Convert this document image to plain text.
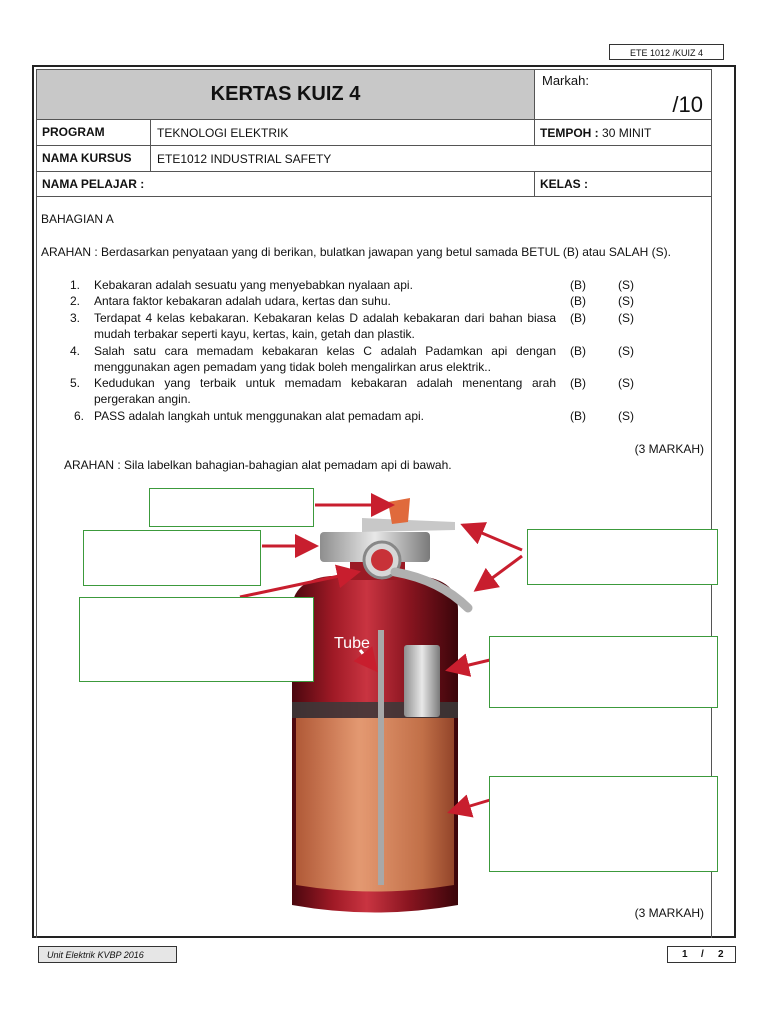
ETE 1012 /KUIZ 4
KERTAS KUIZ 4	Markah:
/10

PROGRAM TEKNOLOGI ELEKTRIK	TEMPOH : 30 MINIT

NAMA KURSUS ETE1012 INDUSTRIAL SAFETY	

NAMA PELAJAR :	KELAS :
BAHAGIAN A
ARAHAN : Berdasarkan penyataan yang di berikan, bulatkan jawapan yang betul samada BETUL (B) atau SALAH (S).
1.	Kebakaran adalah sesuatu yang menyebabkan nyalaan api.	(B)	(S)
2.	Antara faktor kebakaran adalah udara, kertas dan suhu.	(B)	(S)
3.	Terdapat 4 kelas kebakaran. Kebakaran kelas D adalah kebakaran dari bahan biasa mudah terbakar seperti kayu, kertas, kain, getah dan plastik.
(B)	(S)
4.	Salah satu cara memadam kebakaran kelas C adalah Padamkan api dengan menggunakan agen pemadam yang tidak boleh mengalirkan arus elektrik..
(B)	(S)
5.	Kedudukan yang terbaik untuk memadam kebakaran adalah menentang arah pergerakan angin.
(B)	(S)
6. PASS adalah langkah untuk menggunakan alat pemadam api.	(B)	(S)
(3 MARKAH)
ARAHAN : Sila labelkan bahagian-bahagian alat pemadam api di bawah.
Tube
(3 MARKAH)
Unit Elektrik KVBP 2016	1 / 2
